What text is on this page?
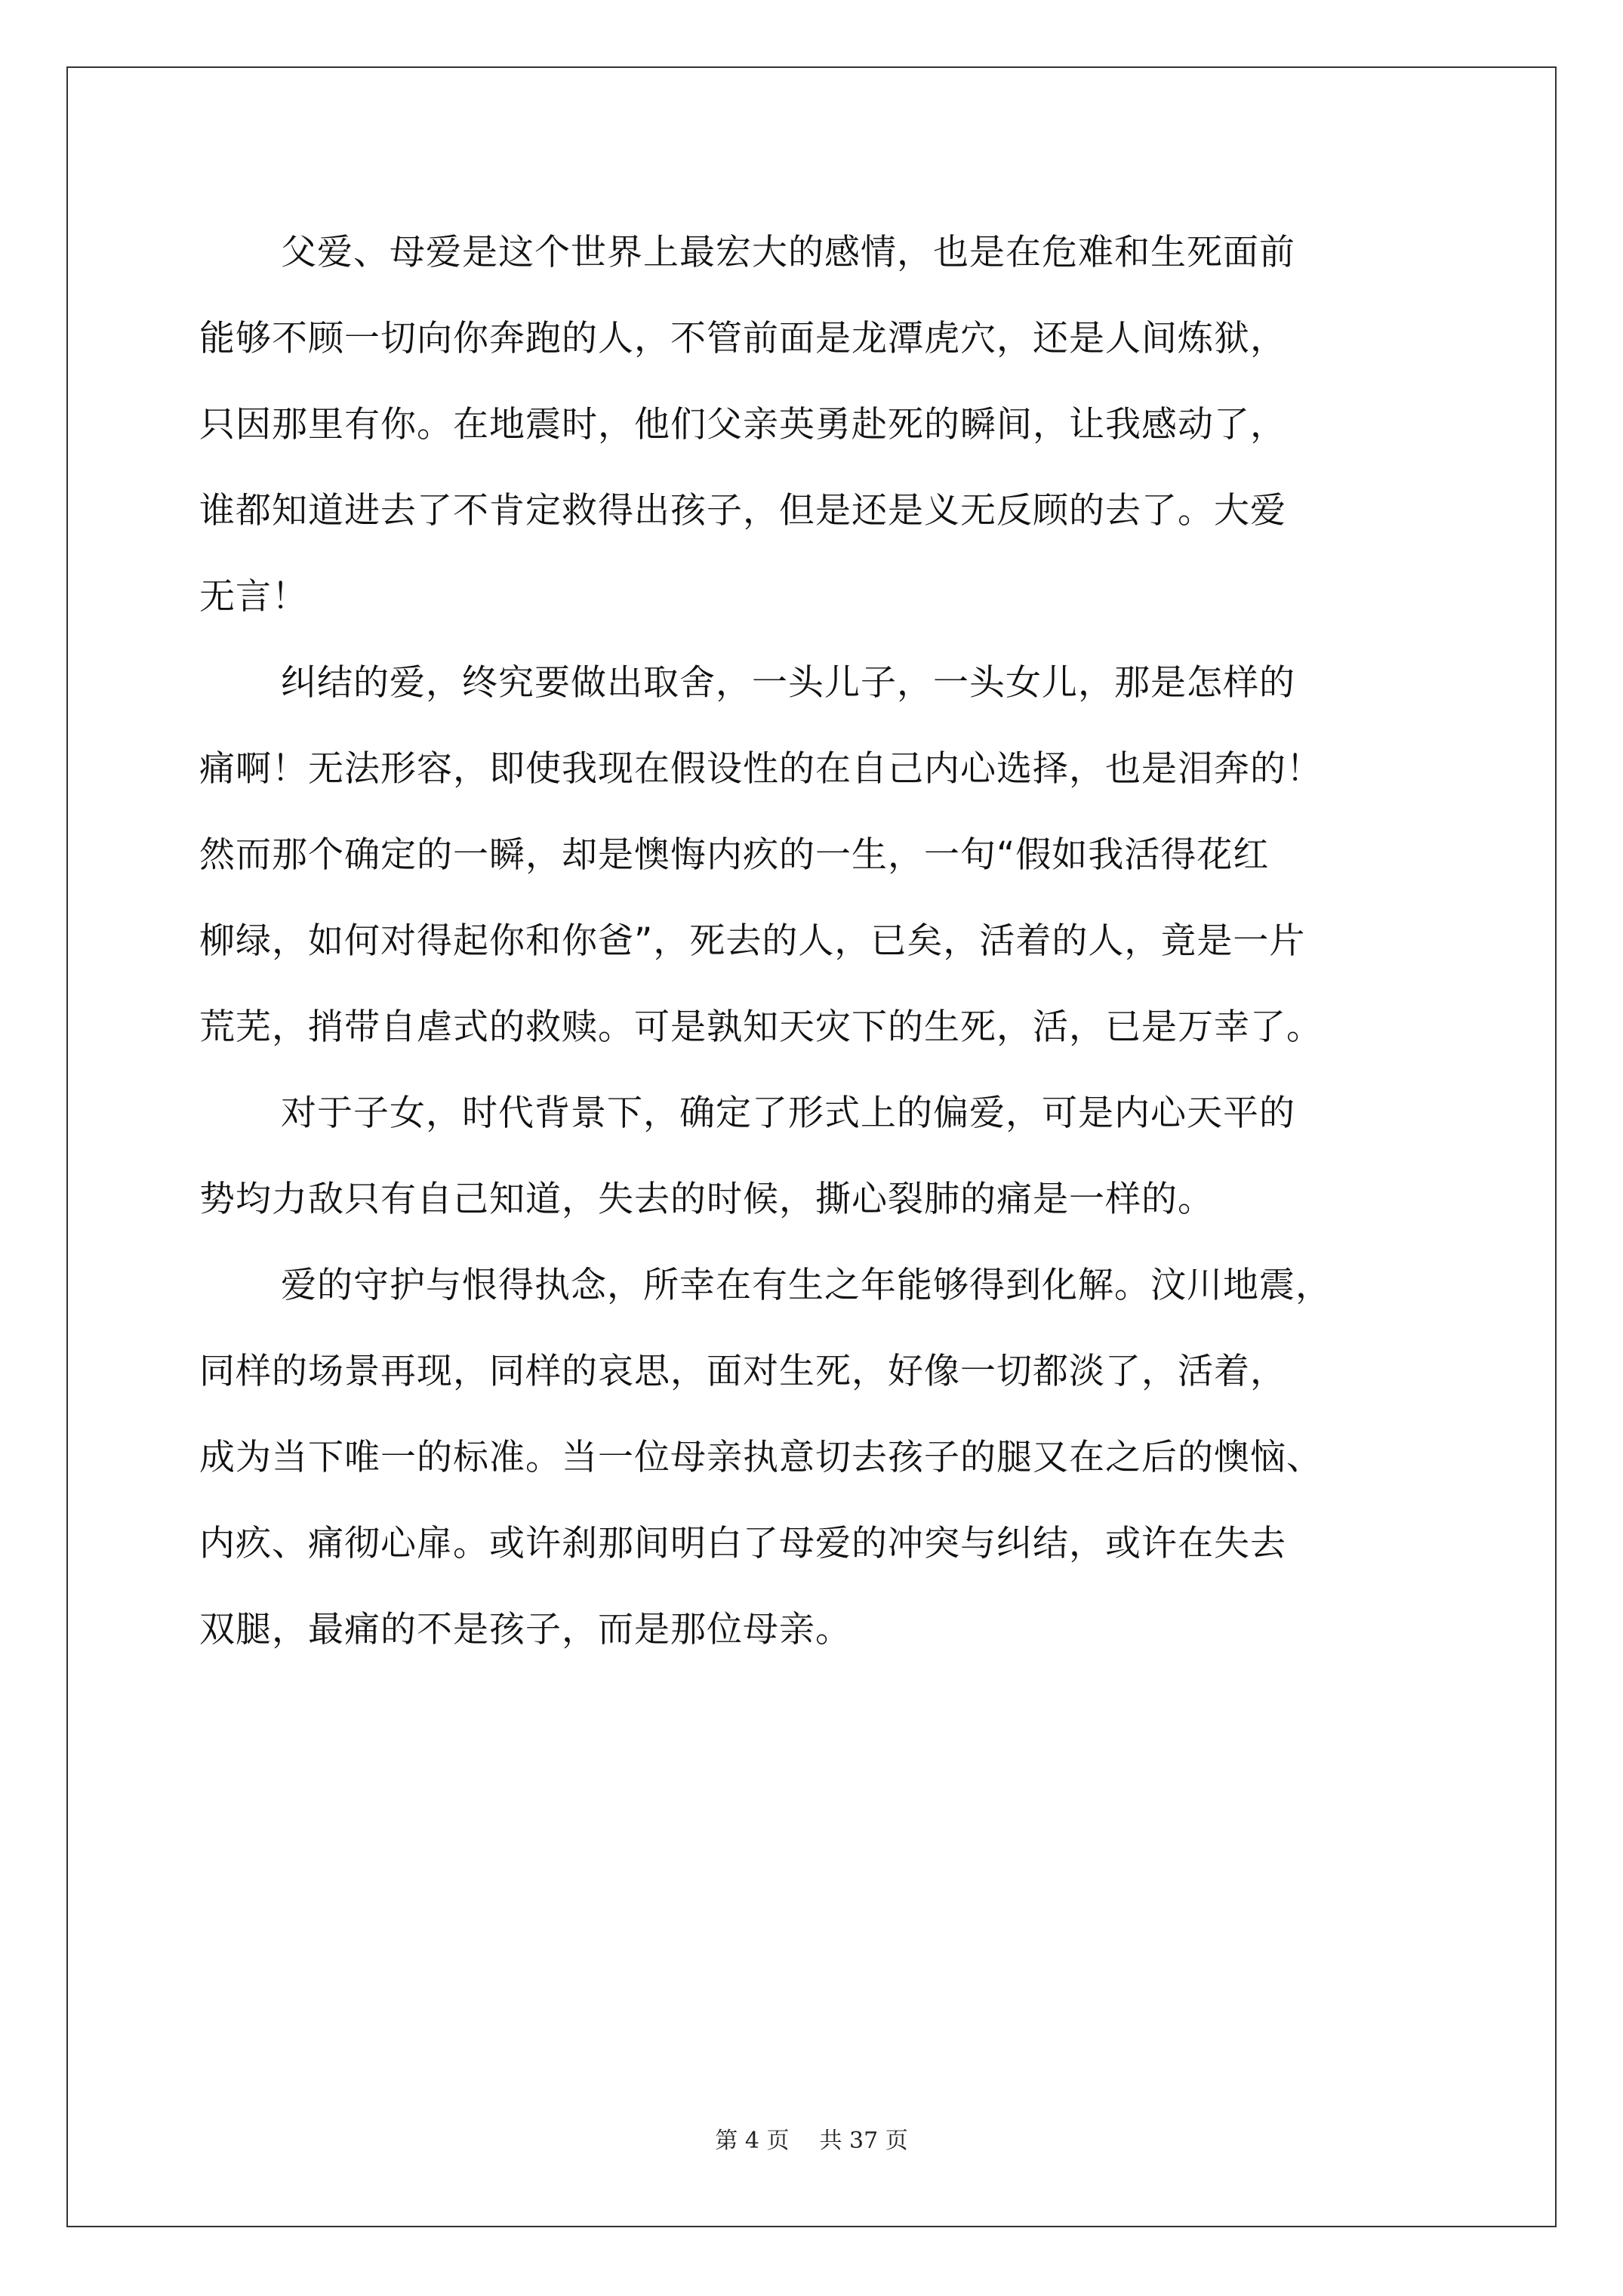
父爱、母爱是这个世界上最宏大的感情，也是在危难和生死面前
能够不顾一切向你奔跑的人，不管前面是龙潭虎穴，还是人间炼狱，
只因那里有你。在地震时，他们父亲英勇赴死的瞬间，让我感动了，
谁都知道进去了不肯定救得出孩子，但是还是义无反顾的去了。大爱
无言！
纠结的爱，终究要做出取舍，一头儿子，一头女儿，那是怎样的
痛啊！无法形容，即使我现在假设性的在自己内心选择，也是泪奔的！
然而那个确定的一瞬，却是懊悔内疚的一生，一句“假如我活得花红
柳绿，如何对得起你和你爸”，死去的人，已矣，活着的人，竟是一片
荒芜，捎带自虐式的救赎。可是孰知天灾下的生死，活，已是万幸了。
对于子女，时代背景下，确定了形式上的偏爱，可是内心天平的
势均力敌只有自己知道，失去的时候，撕心裂肺的痛是一样的。
爱的守护与恨得执念，所幸在有生之年能够得到化解。汶川地震，
同样的场景再现，同样的哀思，面对生死，好像一切都淡了，活着，
成为当下唯一的标准。当一位母亲执意切去孩子的腿又在之后的懊恼、
内疚、痛彻心扉。或许刹那间明白了母爱的冲突与纠结，或许在失去
双腿，最痛的不是孩子，而是那位母亲。
第 4 页 共 37 页
